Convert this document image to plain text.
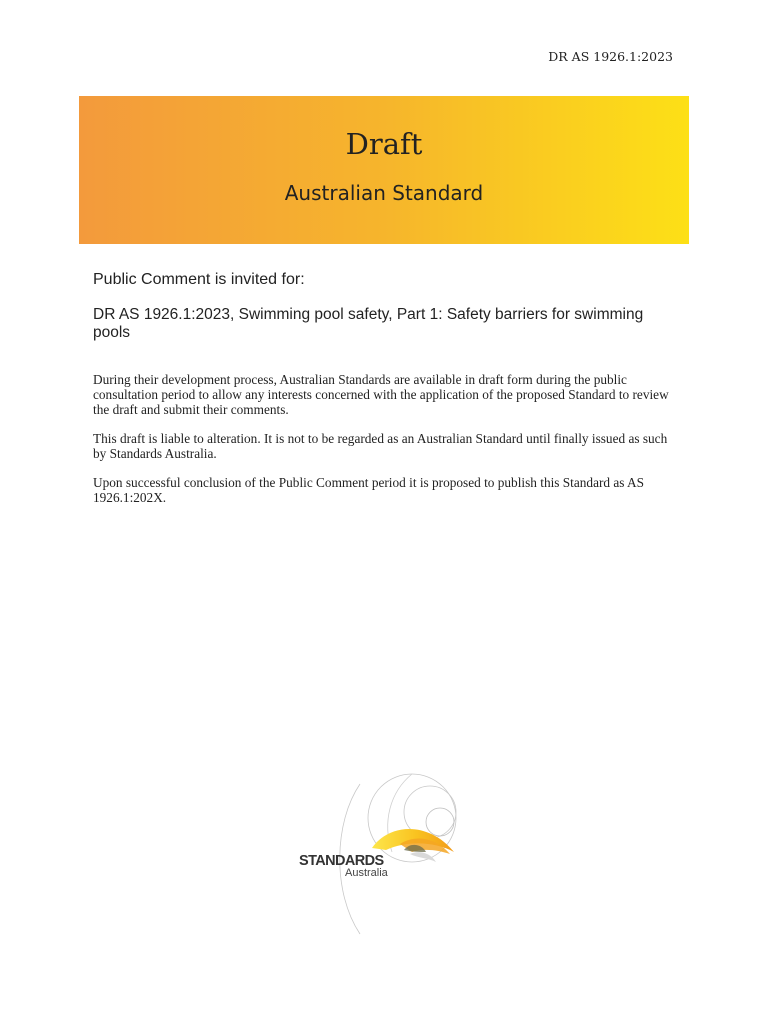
DR AS 1926.1:2023
Draft
Australian Standard
Public Comment is invited for:
DR AS 1926.1:2023, Swimming pool safety, Part 1: Safety barriers for swimming pools

During their development process, Australian Standards are available in draft form during the public consultation period to allow any interests concerned with the application of the proposed Standard to review the draft and submit their comments.

This draft is liable to alteration. It is not to be regarded as an Australian Standard until finally issued as such by Standards Australia.

Upon successful conclusion of the Public Comment period it is proposed to publish this Standard as AS 1926.1:202X.

STANDARDS
Australia
